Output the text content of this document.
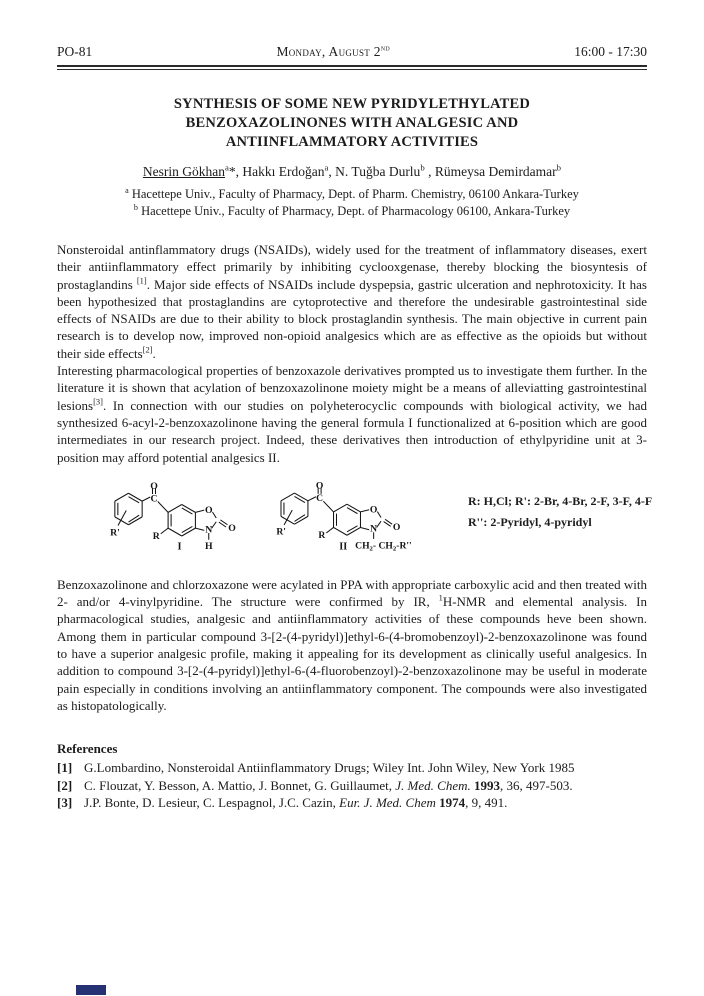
PO-81	Monday, August 2nd	16:00 - 17:30
SYNTHESIS OF SOME NEW PYRIDYLETHYLATED
BENZOXAZOLINONES WITH ANALGESIC AND
ANTIINFLAMMATORY ACTIVITIES
Nesrin Gökhan$^a$*, Hakkı Erdoğan$^a$, N. Tuğba Durlu$^b$ , Rümeysa Demirdamar$^b$
$^a$ Hacettepe Univ., Faculty of Pharmacy, Dept. of Pharm. Chemistry, 06100 Ankara-Turkey
$^b$ Hacettepe Univ., Faculty of Pharmacy, Dept. of Pharmacology 06100, Ankara-Turkey

Nonsteroidal antinflammatory drugs (NSAIDs), widely used for the treatment of inflammatory diseases, exert their antiinflammatory effect primarily by inhibiting cyclooxgenase, thereby blocking the biosyntesis of prostaglandins [1]. Major side effects of NSAIDs include dyspepsia, gastric ulceration and nephrotoxicity. It has been hypothesized that prostaglandins are cytoprotective and therefore the undesirable gastrointestinal side effects of NSAIDs are due to their ability to block prostaglandin synthesis. The main objective in current pain research is to develop now, improved non-opioid analgesics which are as effective as the opioids but without their side effects[2].

Interesting pharmacological properties of benzoxazole derivatives prompted us to investigate them further. In the literature it is shown that acylation of benzoxazolinone moiety might be a means of alleviatting gastrointestinal lesions[3]. In connection with our studies on polyheterocyclic compounds with biological activity, we had synthesized 6-acyl-2-benzoxazolinone having the general formula I functionalized at 6-position which are good intermediates in our research project. Indeed, these derivatives then introduction of ethylpyridine unit at 3-position may afford potential analgesics II.

O
C
R'	R
O
O
N
H
I
O
C
R' R
O
O
N
II CH2- CH2-R''
R: H,Cl; R': 2-Br, 4-Br, 2-F, 3-F, 4-F
R'': 2-Pyridyl, 4-pyridyl

Benzoxazolinone and chlorzoxazone were acylated in PPA with appropriate carboxylic acid and then treated with 2- and/or 4-vinylpyridine. The structure were confirmed by IR, $^1$H-NMR and elemental analysis. In pharmacological studies, analgesic and antiinflammatory activities of these compounds heve been shown. Among them in particular compound 3-[2-(4-pyridyl)]ethyl-6-(4-bromobenzoyl)-2-benzoxazolinone was found to have a superior analgesic profile, making it appealing for its development as clinically useful analgesics. In addition to compound 3-[2-(4-pyridyl)]ethyl-6-(4-fluorobenzoyl)-2-benzoxazolinone may be useful in moderate pain especially in conditions involving an antiinflammatory component. The compounds were also investigated as histopatologically.

References
[1] G.Lombardino, Nonsteroidal Antiinflammatory Drugs; Wiley Int. John Wiley, New York 1985
[2] C. Flouzat, Y. Besson, A. Mattio, J. Bonnet, G. Guillaumet, J. Med. Chem. 1993, 36, 497-503.
[3] J.P. Bonte, D. Lesieur, C. Lespagnol, J.C. Cazin, Eur. J. Med. Chem 1974, 9, 491.
